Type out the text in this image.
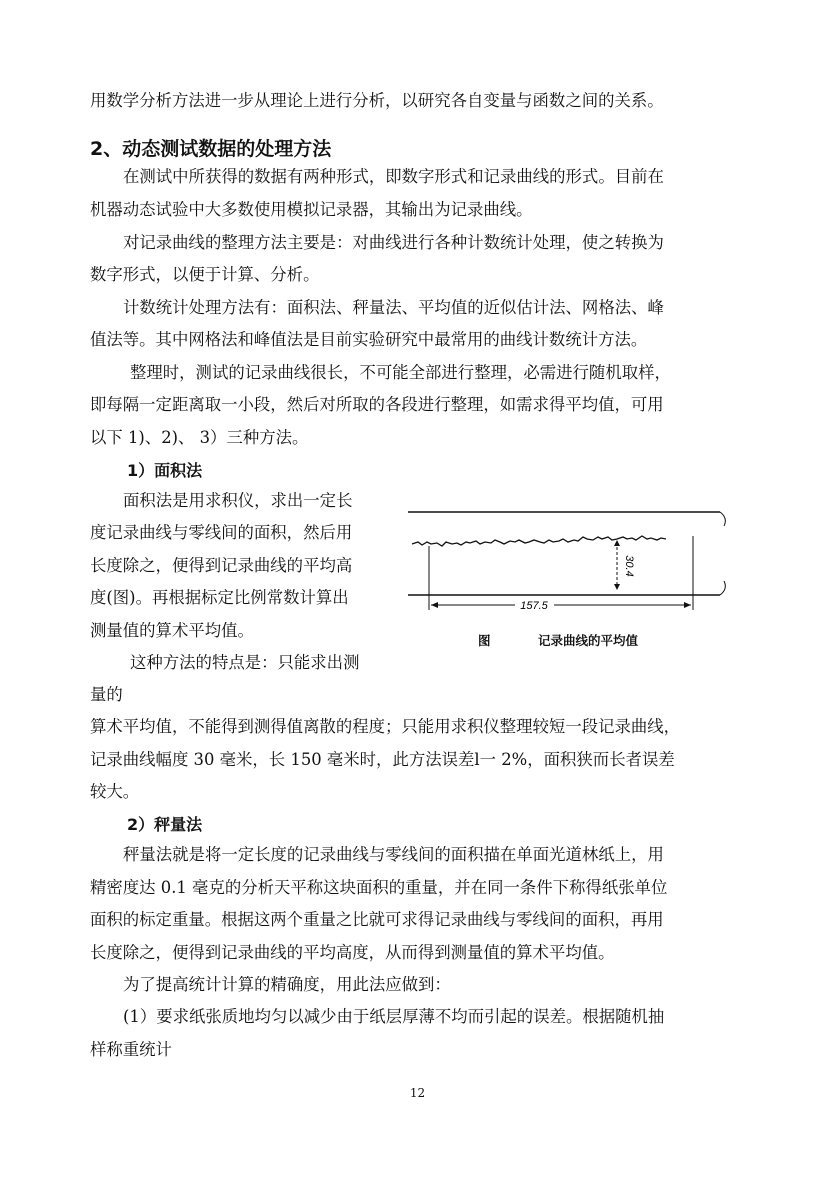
用数学分析方法进一步从理论上进行分析，以研究各自变量与函数之间的关系。
2、动态测试数据的处理方法
在测试中所获得的数据有两种形式，即数字形式和记录曲线的形式。目前在
机器动态试验中大多数使用模拟记录器，其输出为记录曲线。
对记录曲线的整理方法主要是：对曲线进行各种计数统计处理，使之转换为
数字形式，以便于计算、分析。
计数统计处理方法有：面积法、秤量法、平均值的近似估计法、网格法、峰
值法等。其中网格法和峰值法是目前实验研究中最常用的曲线计数统计方法。
整理时，测试的记录曲线很长，不可能全部进行整理，必需进行随机取样，
即每隔一定距离取一小段，然后对所取的各段进行整理，如需求得平均值，可用
以下 1)、2)、 3）三种方法。
1）面积法
面积法是用求积仪，求出一定长
度记录曲线与零线间的面积，然后用
长度除之，便得到记录曲线的平均高
度(图)。再根据标定比例常数计算出
测量值的算术平均值。
这种方法的特点是：只能求出测
量的
30.4
157.5
图	记录曲线的平均值
算术平均值，不能得到测得值离散的程度；只能用求积仪整理较短一段记录曲线，
记录曲线幅度 30 毫米，长 150 毫米时，此方法误差l一 2%，面积狭而长者误差
较大。
2）秤量法
秤量法就是将一定长度的记录曲线与零线间的面积描在单面光道林纸上，用
精密度达 0.1 毫克的分析天平称这块面积的重量，并在同一条件下称得纸张单位
面积的标定重量。根据这两个重量之比就可求得记录曲线与零线间的面积，再用
长度除之，便得到记录曲线的平均高度，从而得到测量值的算术平均值。
为了提高统计计算的精确度，用此法应做到：
(1）要求纸张质地均匀以减少由于纸层厚薄不均而引起的误差。根据随机抽
样称重统计
12
